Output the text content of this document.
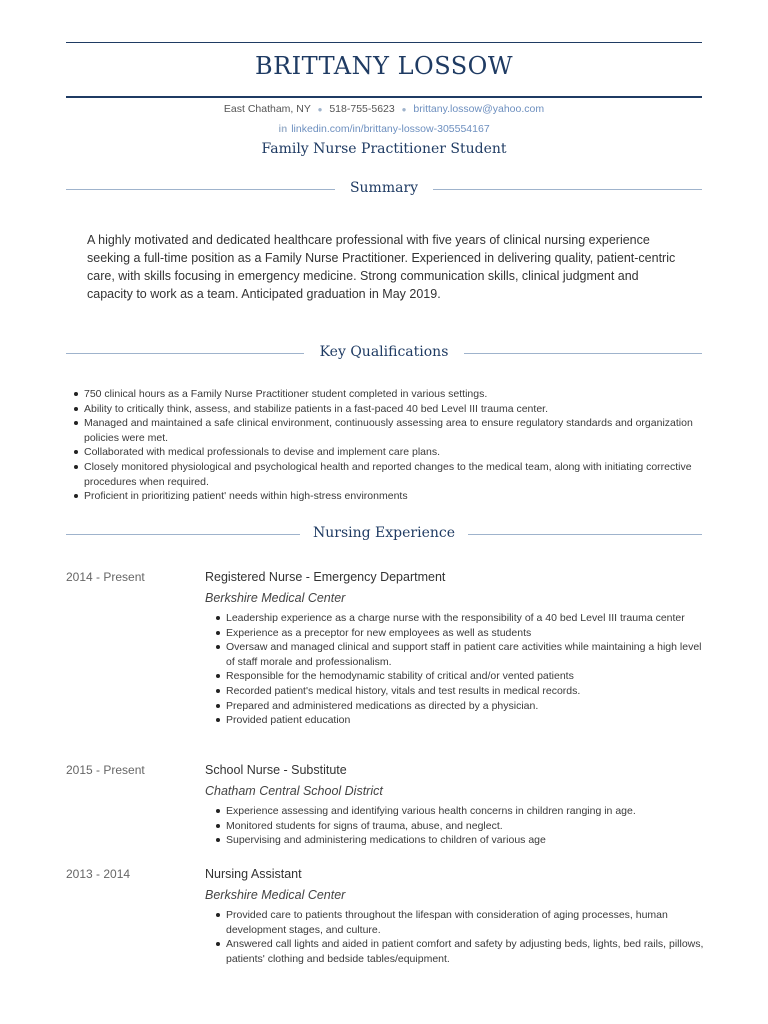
BRITTANY LOSSOW
East Chatham, NY ● 518-755-5623 ● brittany.lossow@yahoo.com
in linkedin.com/in/brittany-lossow-305554167
Family Nurse Practitioner Student
Summary
A highly motivated and dedicated healthcare professional with five years of clinical nursing experience seeking a full-time position as a Family Nurse Practitioner. Experienced in delivering quality, patient-centric care, with skills focusing in emergency medicine. Strong communication skills, clinical judgment and capacity to work as a team. Anticipated graduation in May 2019.
Key Qualifications
750 clinical hours as a Family Nurse Practitioner student completed in various settings.
Ability to critically think, assess, and stabilize patients in a fast-paced 40 bed Level III trauma center.
Managed and maintained a safe clinical environment, continuously assessing area to ensure regulatory standards and organization policies were met.
Collaborated with medical professionals to devise and implement care plans.
Closely monitored physiological and psychological health and reported changes to the medical team, along with initiating corrective procedures when required.
Proficient in prioritizing patient' needs within high-stress environments
Nursing Experience
2014 - Present	Registered Nurse - Emergency Department
Berkshire Medical Center
Leadership experience as a charge nurse with the responsibility of a 40 bed Level III trauma center
Experience as a preceptor for new employees as well as students
Oversaw and managed clinical and support staff in patient care activities while maintaining a high level of staff morale and professionalism.
Responsible for the hemodynamic stability of critical and/or vented patients
Recorded patient's medical history, vitals and test results in medical records.
Prepared and administered medications as directed by a physician.
Provided patient education
2015 - Present	School Nurse - Substitute
Chatham Central School District
Experience assessing and identifying various health concerns in children ranging in age.
Monitored students for signs of trauma, abuse, and neglect.
Supervising and administering medications to children of various age
2013 - 2014	Nursing Assistant
Berkshire Medical Center
Provided care to patients throughout the lifespan with consideration of aging processes, human development stages, and culture.
Answered call lights and aided in patient comfort and safety by adjusting beds, lights, bed rails, pillows, patients' clothing and bedside tables/equipment.
